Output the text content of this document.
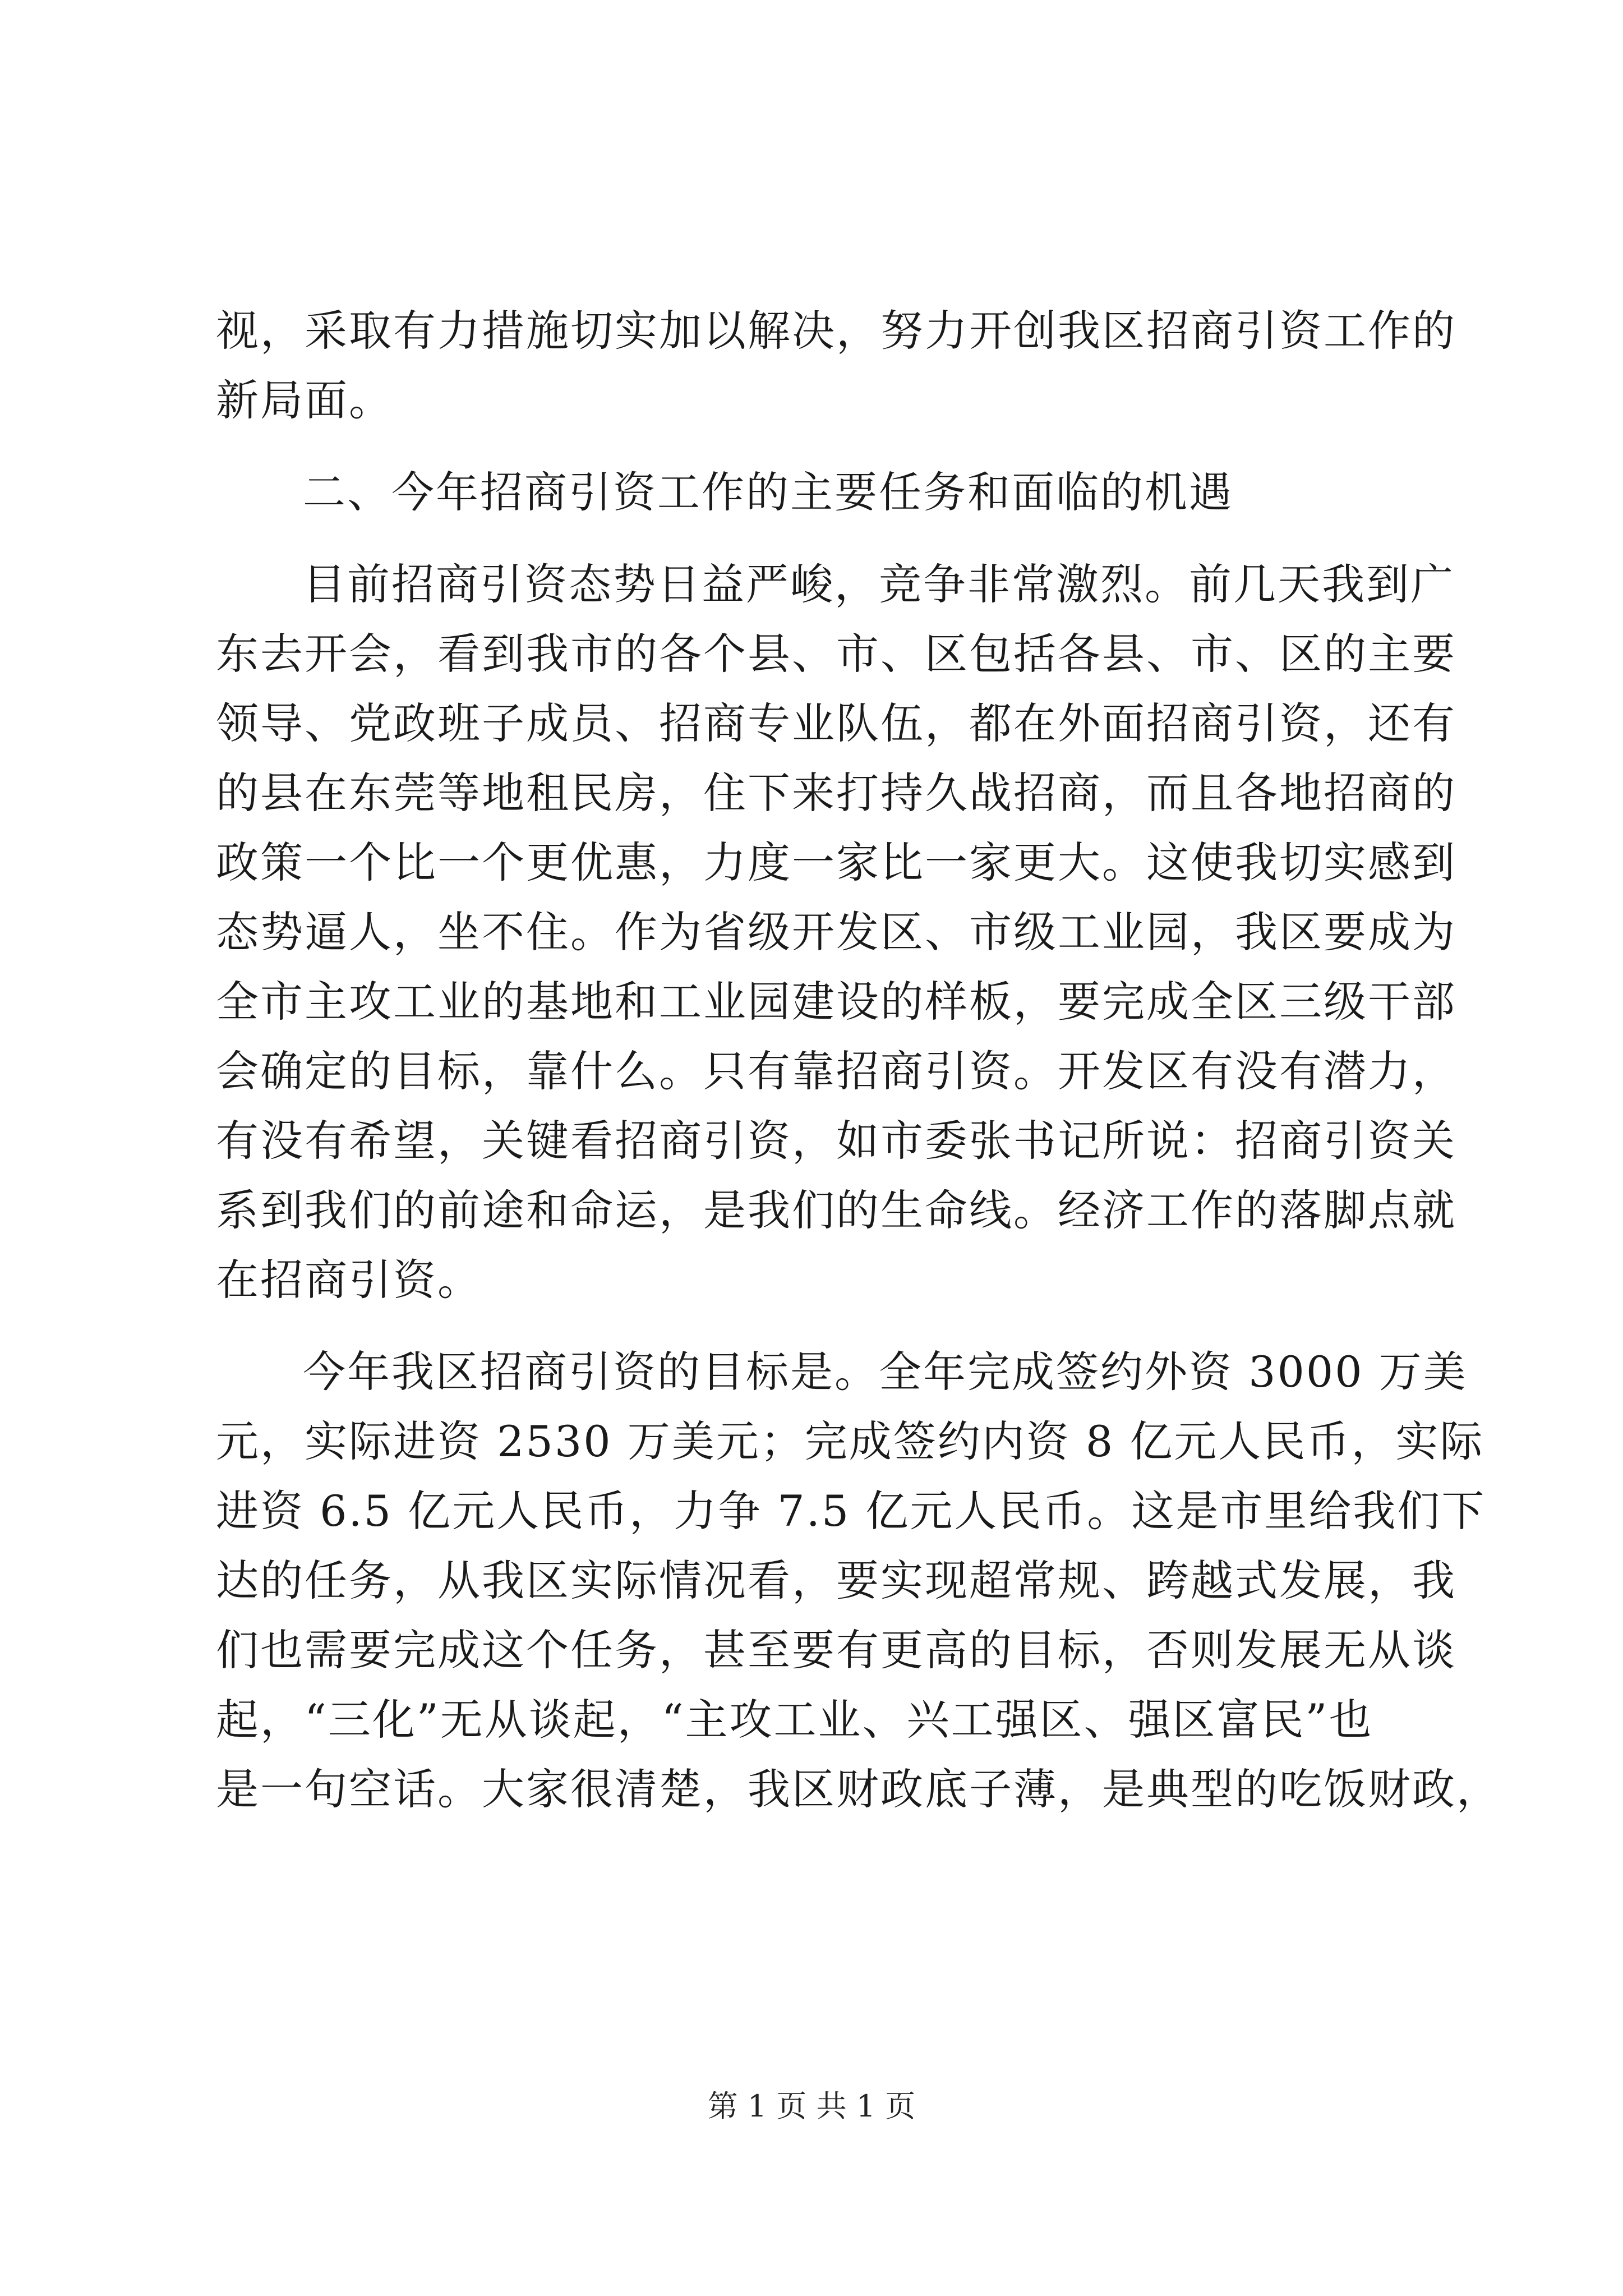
视，采取有力措施切实加以解决，努力开创我区招商引资工作的
新局面。
二、今年招商引资工作的主要任务和面临的机遇
目前招商引资态势日益严峻，竞争非常激烈。前几天我到广
东去开会，看到我市的各个县、市、区包括各县、市、区的主要
领导、党政班子成员、招商专业队伍，都在外面招商引资，还有
的县在东莞等地租民房，住下来打持久战招商，而且各地招商的
政策一个比一个更优惠，力度一家比一家更大。这使我切实感到
态势逼人，坐不住。作为省级开发区、市级工业园，我区要成为
全市主攻工业的基地和工业园建设的样板，要完成全区三级干部
会确定的目标，靠什么。只有靠招商引资。开发区有没有潜力，
有没有希望，关键看招商引资，如市委张书记所说：招商引资关
系到我们的前途和命运，是我们的生命线。经济工作的落脚点就
在招商引资。
今年我区招商引资的目标是。全年完成签约外资 3000 万美
元，实际进资 2530 万美元；完成签约内资 8 亿元人民币，实际
进资 6.5 亿元人民币，力争 7.5 亿元人民币。这是市里给我们下
达的任务，从我区实际情况看，要实现超常规、跨越式发展，我
们也需要完成这个任务，甚至要有更高的目标，否则发展无从谈
起，“三化”无从谈起，“主攻工业、兴工强区、强区富民”也
是一句空话。大家很清楚，我区财政底子薄，是典型的吃饭财政，
第 1 页 共 1 页
